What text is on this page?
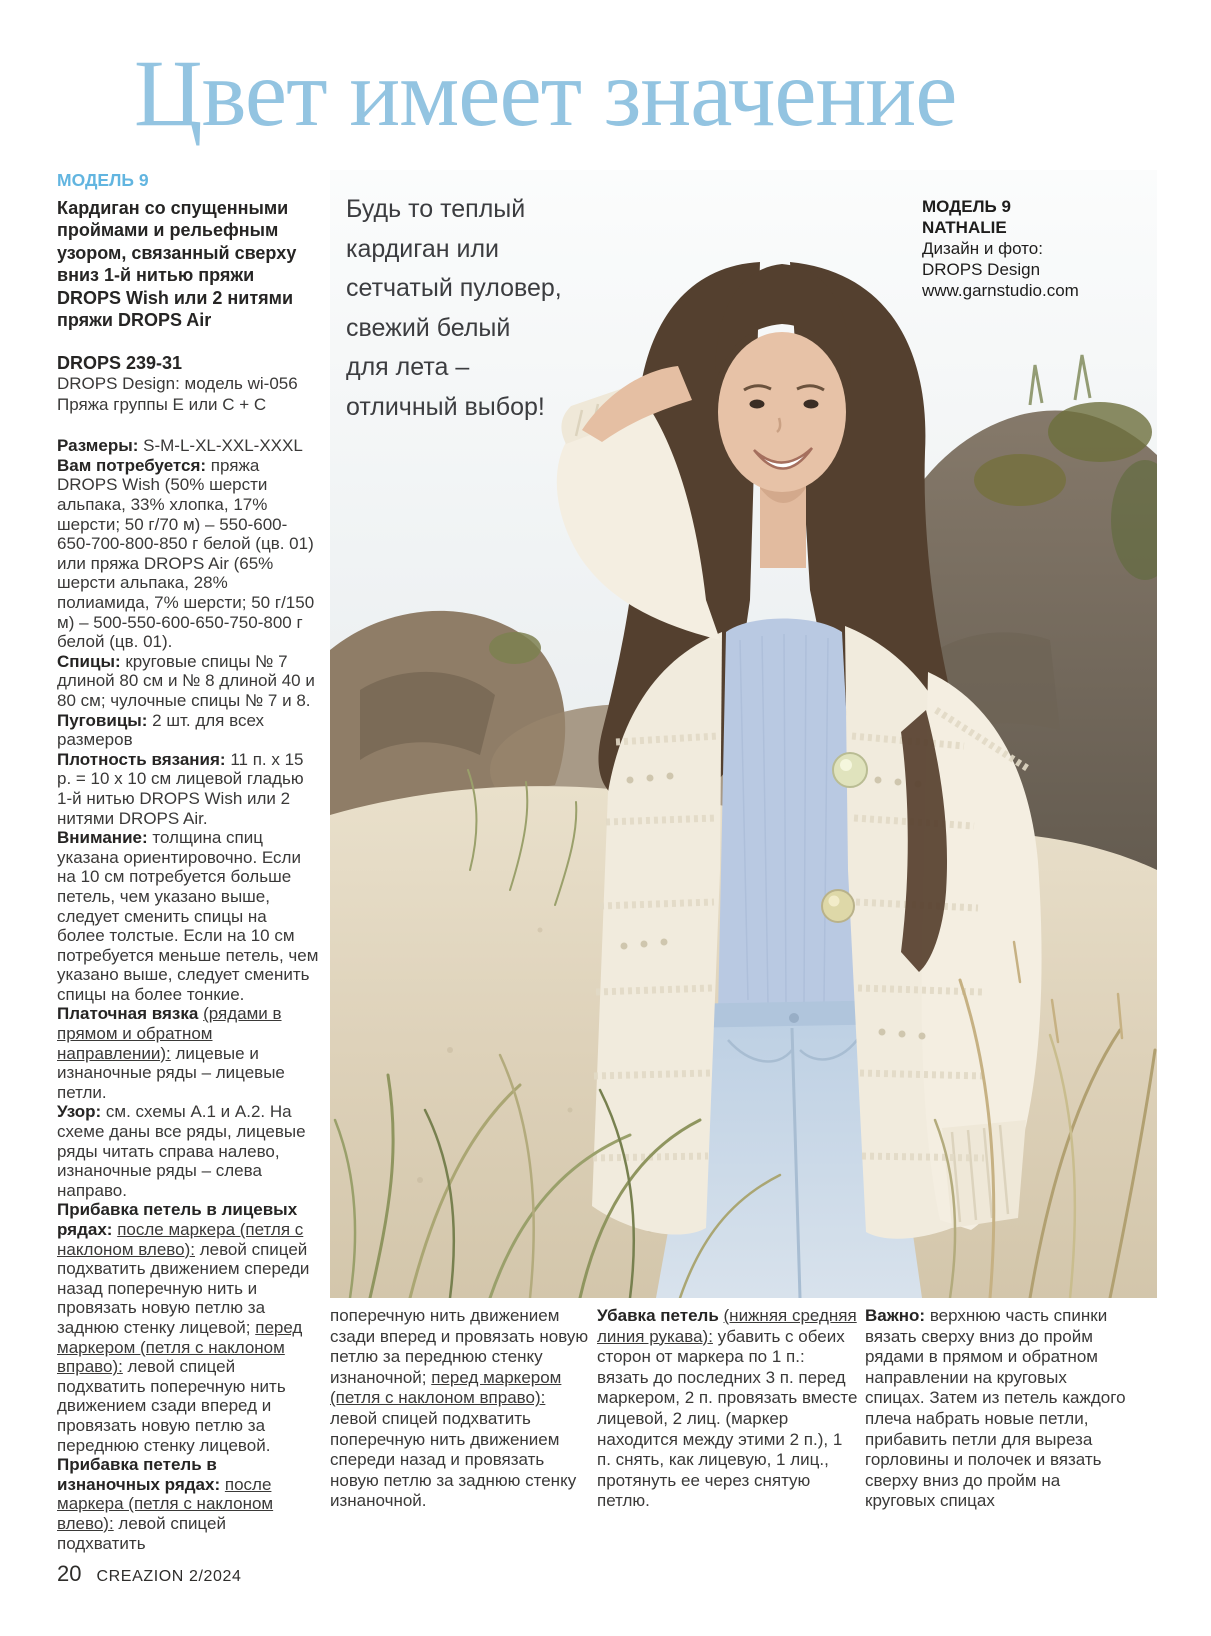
Цвет имеет значение
МОДЕЛЬ 9
Кардиган со спущенными проймами и рельефным узором, связанный сверху вниз 1-й нитью пряжи DROPS Wish или 2 нитями пряжи DROPS Air
DROPS 239-31
DROPS Design: модель wi-056
Пряжа группы Е или С + С
Размеры: S-M-L-XL-XXL-XXXL
Вам потребуется: пряжа DROPS Wish (50% шерсти альпака, 33% хлопка, 17% шерсти; 50 г/70 м) – 550-600-650-700-800-850 г белой (цв. 01) или пряжа DROPS Air (65% шерсти альпака, 28% полиамида, 7% шерсти; 50 г/150 м) – 500-550-600-650-750-800 г белой (цв. 01).
Спицы: круговые спицы № 7 длиной 80 см и № 8 длиной 40 и 80 см; чулочные спицы № 7 и 8.
Пуговицы: 2 шт. для всех размеров
Плотность вязания: 11 п. х 15 р. = 10 х 10 см лицевой гладью 1-й нитью DROPS Wish или 2 нитями DROPS Air.
Внимание: толщина спиц указана ориентировочно. Если на 10 см потребуется больше петель, чем указано выше, следует сменить спицы на более толстые. Если на 10 см потребуется меньше петель, чем указано выше, следует сменить спицы на более тонкие.
Платочная вязка (рядами в прямом и обратном направлении): лицевые и изнаночные ряды – лицевые петли.
Узор: см. схемы А.1 и А.2. На схеме даны все ряды, лицевые ряды читать справа налево, изнаночные ряды – слева направо.
Прибавка петель в лицевых рядах: после маркера (петля с наклоном влево): левой спицей подхватить движением спереди назад поперечную нить и провязать новую петлю за заднюю стенку лицевой; перед маркером (петля с наклоном вправо): левой спицей подхватить поперечную нить движением сзади вперед и провязать новую петлю за переднюю стенку лицевой.
Прибавка петель в изнаночных рядах: после маркера (петля с наклоном влево): левой спицей подхватить
Будь то теплый
кардиган или
сетчатый пуловер,
свежий белый
для лета –
отличный выбор!
МОДЕЛЬ 9
NATHALIE
Дизайн и фото:
DROPS Design
www.garnstudio.com
поперечную нить движением сзади вперед и провязать новую петлю за переднюю стенку изнаночной; перед маркером (петля с наклоном вправо): левой спицей подхватить поперечную нить движением спереди назад и провязать новую петлю за заднюю стенку изнаночной.
Убавка петель (нижняя средняя линия рукава): убавить с обеих сторон от маркера по 1 п.: вязать до последних 3 п. перед маркером, 2 п. провязать вместе лицевой, 2 лиц. (маркер находится между этими 2 п.), 1 п. снять, как лицевую, 1 лиц., протянуть ее через снятую петлю.
Важно: верхнюю часть спинки вязать сверху вниз до пройм рядами в прямом и обратном направлении на круговых спицах. Затем из петель каждого плеча набрать новые петли, прибавить петли для выреза горловины и полочек и вязать сверху вниз до пройм на круговых спицах
20 CREAZION 2/2024
